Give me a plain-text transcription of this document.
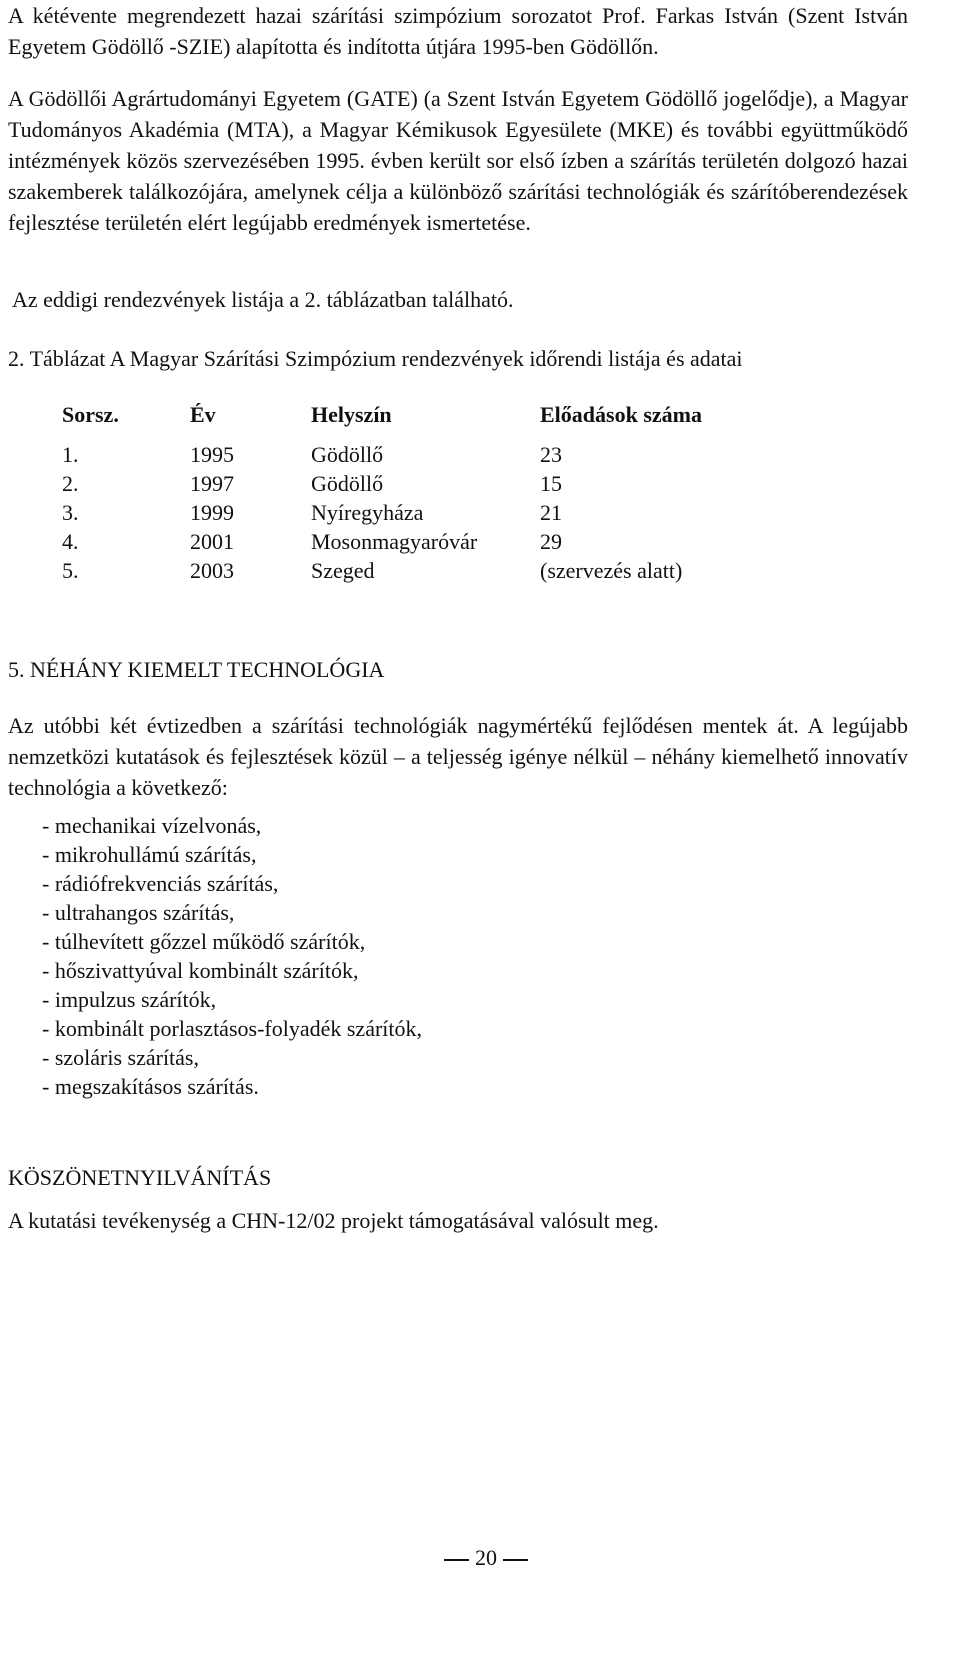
A kétévente megrendezett hazai szárítási szimpózium sorozatot Prof. Farkas István (Szent István Egyetem Gödöllő -SZIE) alapította és indította útjára 1995-ben Gödöllőn.

A Gödöllői Agrártudományi Egyetem (GATE) (a Szent István Egyetem Gödöllő jogelődje), a Magyar Tudományos Akadémia (MTA), a Magyar Kémikusok Egyesülete (MKE) és további együttműködő intézmények közös szervezésében 1995. évben került sor első ízben a szárítás területén dolgozó hazai szakemberek találkozójára, amelynek célja a különböző szárítási technológiák és szárítóberendezések fejlesztése területén elért legújabb eredmények ismertetése.

Az eddigi rendezvények listája a 2. táblázatban található.

2. Táblázat A Magyar Szárítási Szimpózium rendezvények időrendi listája és adatai

Sorsz.	Év	Helyszín	Előadások száma
1.	1995	Gödöllő	23
2.	1997	Gödöllő	15
3.	1999	Nyíregyháza	21
4.	2001	Mosonmagyaróvár	29
5.	2003	Szeged	(szervezés alatt)

5. NÉHÁNY KIEMELT TECHNOLÓGIA

Az utóbbi két évtizedben a szárítási technológiák nagymértékű fejlődésen mentek át. A legújabb nemzetközi kutatások és fejlesztések közül – a teljesség igénye nélkül – néhány kiemelhető innovatív technológia a következő:

- mechanikai vízelvonás,
- mikrohullámú szárítás,
- rádiófrekvenciás szárítás,
- ultrahangos szárítás,
- túlhevített gőzzel működő szárítók,
- hőszivattyúval kombinált szárítók,
- impulzus szárítók,
- kombinált porlasztásos-folyadék szárítók,
- szoláris szárítás,
- megszakításos szárítás.

KÖSZÖNETNYILVÁNÍTÁS

A kutatási tevékenység a CHN-12/02 projekt támogatásával valósult meg.

20
